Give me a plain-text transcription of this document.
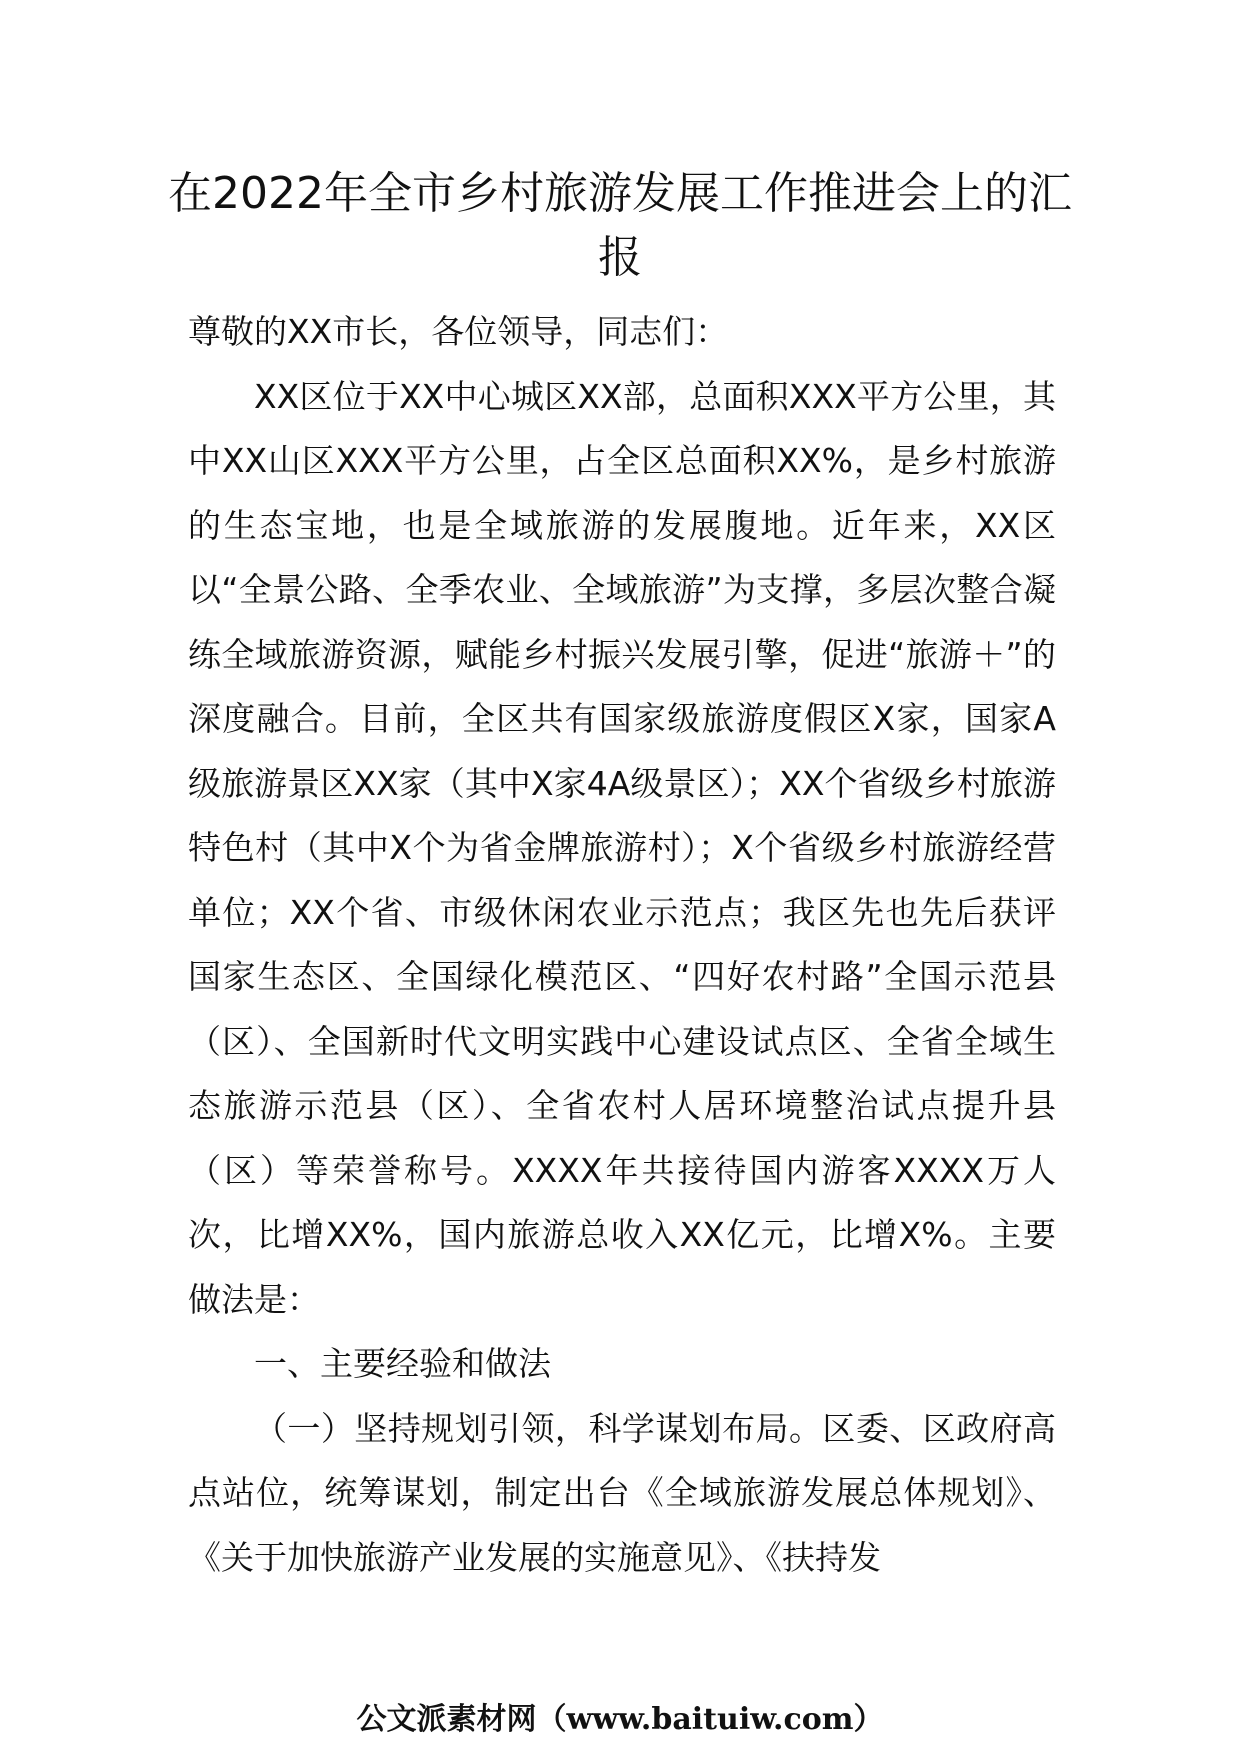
在2022年全市乡村旅游发展工作推进会上的汇报

尊敬的XX市长，各位领导，同志们：

XX区位于XX中心城区XX部，总面积XXX平方公里，其中XX山区XXX平方公里，占全区总面积XX%，是乡村旅游的生态宝地，也是全域旅游的发展腹地。近年来，XX区以“全景公路、全季农业、全域旅游”为支撑，多层次整合凝练全域旅游资源，赋能乡村振兴发展引擎，促进“旅游＋”的深度融合。目前，全区共有国家级旅游度假区X家，国家A级旅游景区XX家（其中X家4A级景区）；XX个省级乡村旅游特色村（其中X个为省金牌旅游村）；X个省级乡村旅游经营单位；XX个省、市级休闲农业示范点；我区先也先后获评国家生态区、全国绿化模范区、“四好农村路”全国示范县（区）、全国新时代文明实践中心建设试点区、全省全域生态旅游示范县（区）、全省农村人居环境整治试点提升县（区）等荣誉称号。XXXX年共接待国内游客XXXX万人次，比增XX%，国内旅游总收入XX亿元，比增X%。主要做法是：

一、主要经验和做法

（一）坚持规划引领，科学谋划布局。区委、区政府高点站位，统筹谋划，制定出台《全域旅游发展总体规划》、《关于加快旅游产业发展的实施意见》、《扶持发

公文派素材网（www.baituiw.com）
